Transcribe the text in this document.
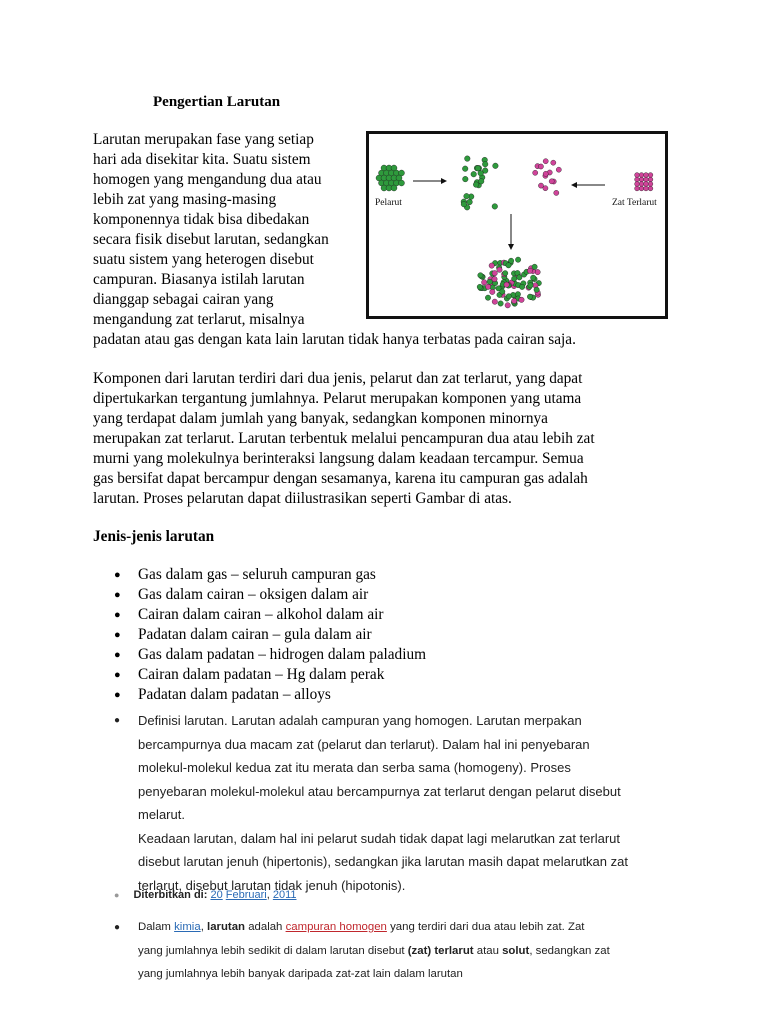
Pengertian Larutan
Larutan merupakan fase yang setiap
hari ada disekitar kita. Suatu sistem
homogen yang mengandung dua atau
lebih zat yang masing-masing
komponennya tidak bisa dibedakan
secara fisik disebut larutan, sedangkan
suatu sistem yang heterogen disebut
campuran. Biasanya istilah larutan
dianggap sebagai cairan yang
mengandung zat terlarut, misalnya
padatan atau gas dengan kata lain larutan tidak hanya terbatas pada cairan saja.
Pelarut	Zat Terlarut
Komponen dari larutan terdiri dari dua jenis, pelarut dan zat terlarut, yang dapat
dipertukarkan tergantung jumlahnya. Pelarut merupakan komponen yang utama
yang terdapat dalam jumlah yang banyak, sedangkan komponen minornya
merupakan zat terlarut. Larutan terbentuk melalui pencampuran dua atau lebih zat
murni yang molekulnya berinteraksi langsung dalam keadaan tercampur. Semua
gas bersifat dapat bercampur dengan sesamanya, karena itu campuran gas adalah
larutan. Proses pelarutan dapat diilustrasikan seperti Gambar di atas.
Jenis-jenis larutan
● Gas dalam gas – seluruh campuran gas
● Gas dalam cairan – oksigen dalam air
● Cairan dalam cairan – alkohol dalam air
● Padatan dalam cairan – gula dalam air
● Gas dalam padatan – hidrogen dalam paladium
● Cairan dalam padatan – Hg dalam perak
● Padatan dalam padatan – alloys
● Definisi larutan. Larutan adalah campuran yang homogen. Larutan merpakan
bercampurnya dua macam zat (pelarut dan terlarut). Dalam hal ini penyebaran
molekul-molekul kedua zat itu merata dan serba sama (homogeny). Proses
penyebaran molekul-molekul atau bercampurnya zat terlarut dengan pelarut disebut
melarut.
Keadaan larutan, dalam hal ini pelarut sudah tidak dapat lagi melarutkan zat terlarut
disebut larutan jenuh (hipertonis), sedangkan jika larutan masih dapat melarutkan zat
terlarut, disebut larutan tidak jenuh (hipotonis).
● Diterbitkan di: 20 Februari, 2011
● Dalam kimia, larutan adalah campuran homogen yang terdiri dari dua atau lebih zat. Zat
yang jumlahnya lebih sedikit di dalam larutan disebut (zat) terlarut atau solut, sedangkan zat
yang jumlahnya lebih banyak daripada zat-zat lain dalam larutan
